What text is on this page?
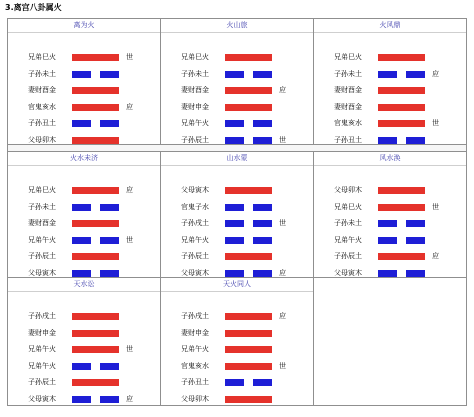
3.离宫八卦属火
离为火
兄弟巳火	世
子孙未土
妻财酉金
官鬼亥水	应
子孙丑土
父母卯木
火山旅
兄弟巳火
子孙未土
妻财酉金	应
妻财申金
兄弟午火
子孙辰土	世
火风鼎
兄弟巳火
子孙未土	应
妻财酉金
妻财酉金
官鬼亥水	世
子孙丑土
火水未济
兄弟巳火	应
子孙未土
妻财酉金
兄弟午火	世
子孙辰土
父母寅木
山水蒙
父母寅木
官鬼子水
子孙戌土	世
兄弟午火
子孙辰土
父母寅木	应
风水涣
父母卯木
兄弟巳火	世
子孙未土
兄弟午火
子孙辰土	应
父母寅木
天水讼
子孙戌土
妻财申金
兄弟午火	世
兄弟午火
子孙辰土
父母寅木	应
天火同人
子孙戌土	应
妻财申金
兄弟午火
官鬼亥水	世
子孙丑土
父母卯木
